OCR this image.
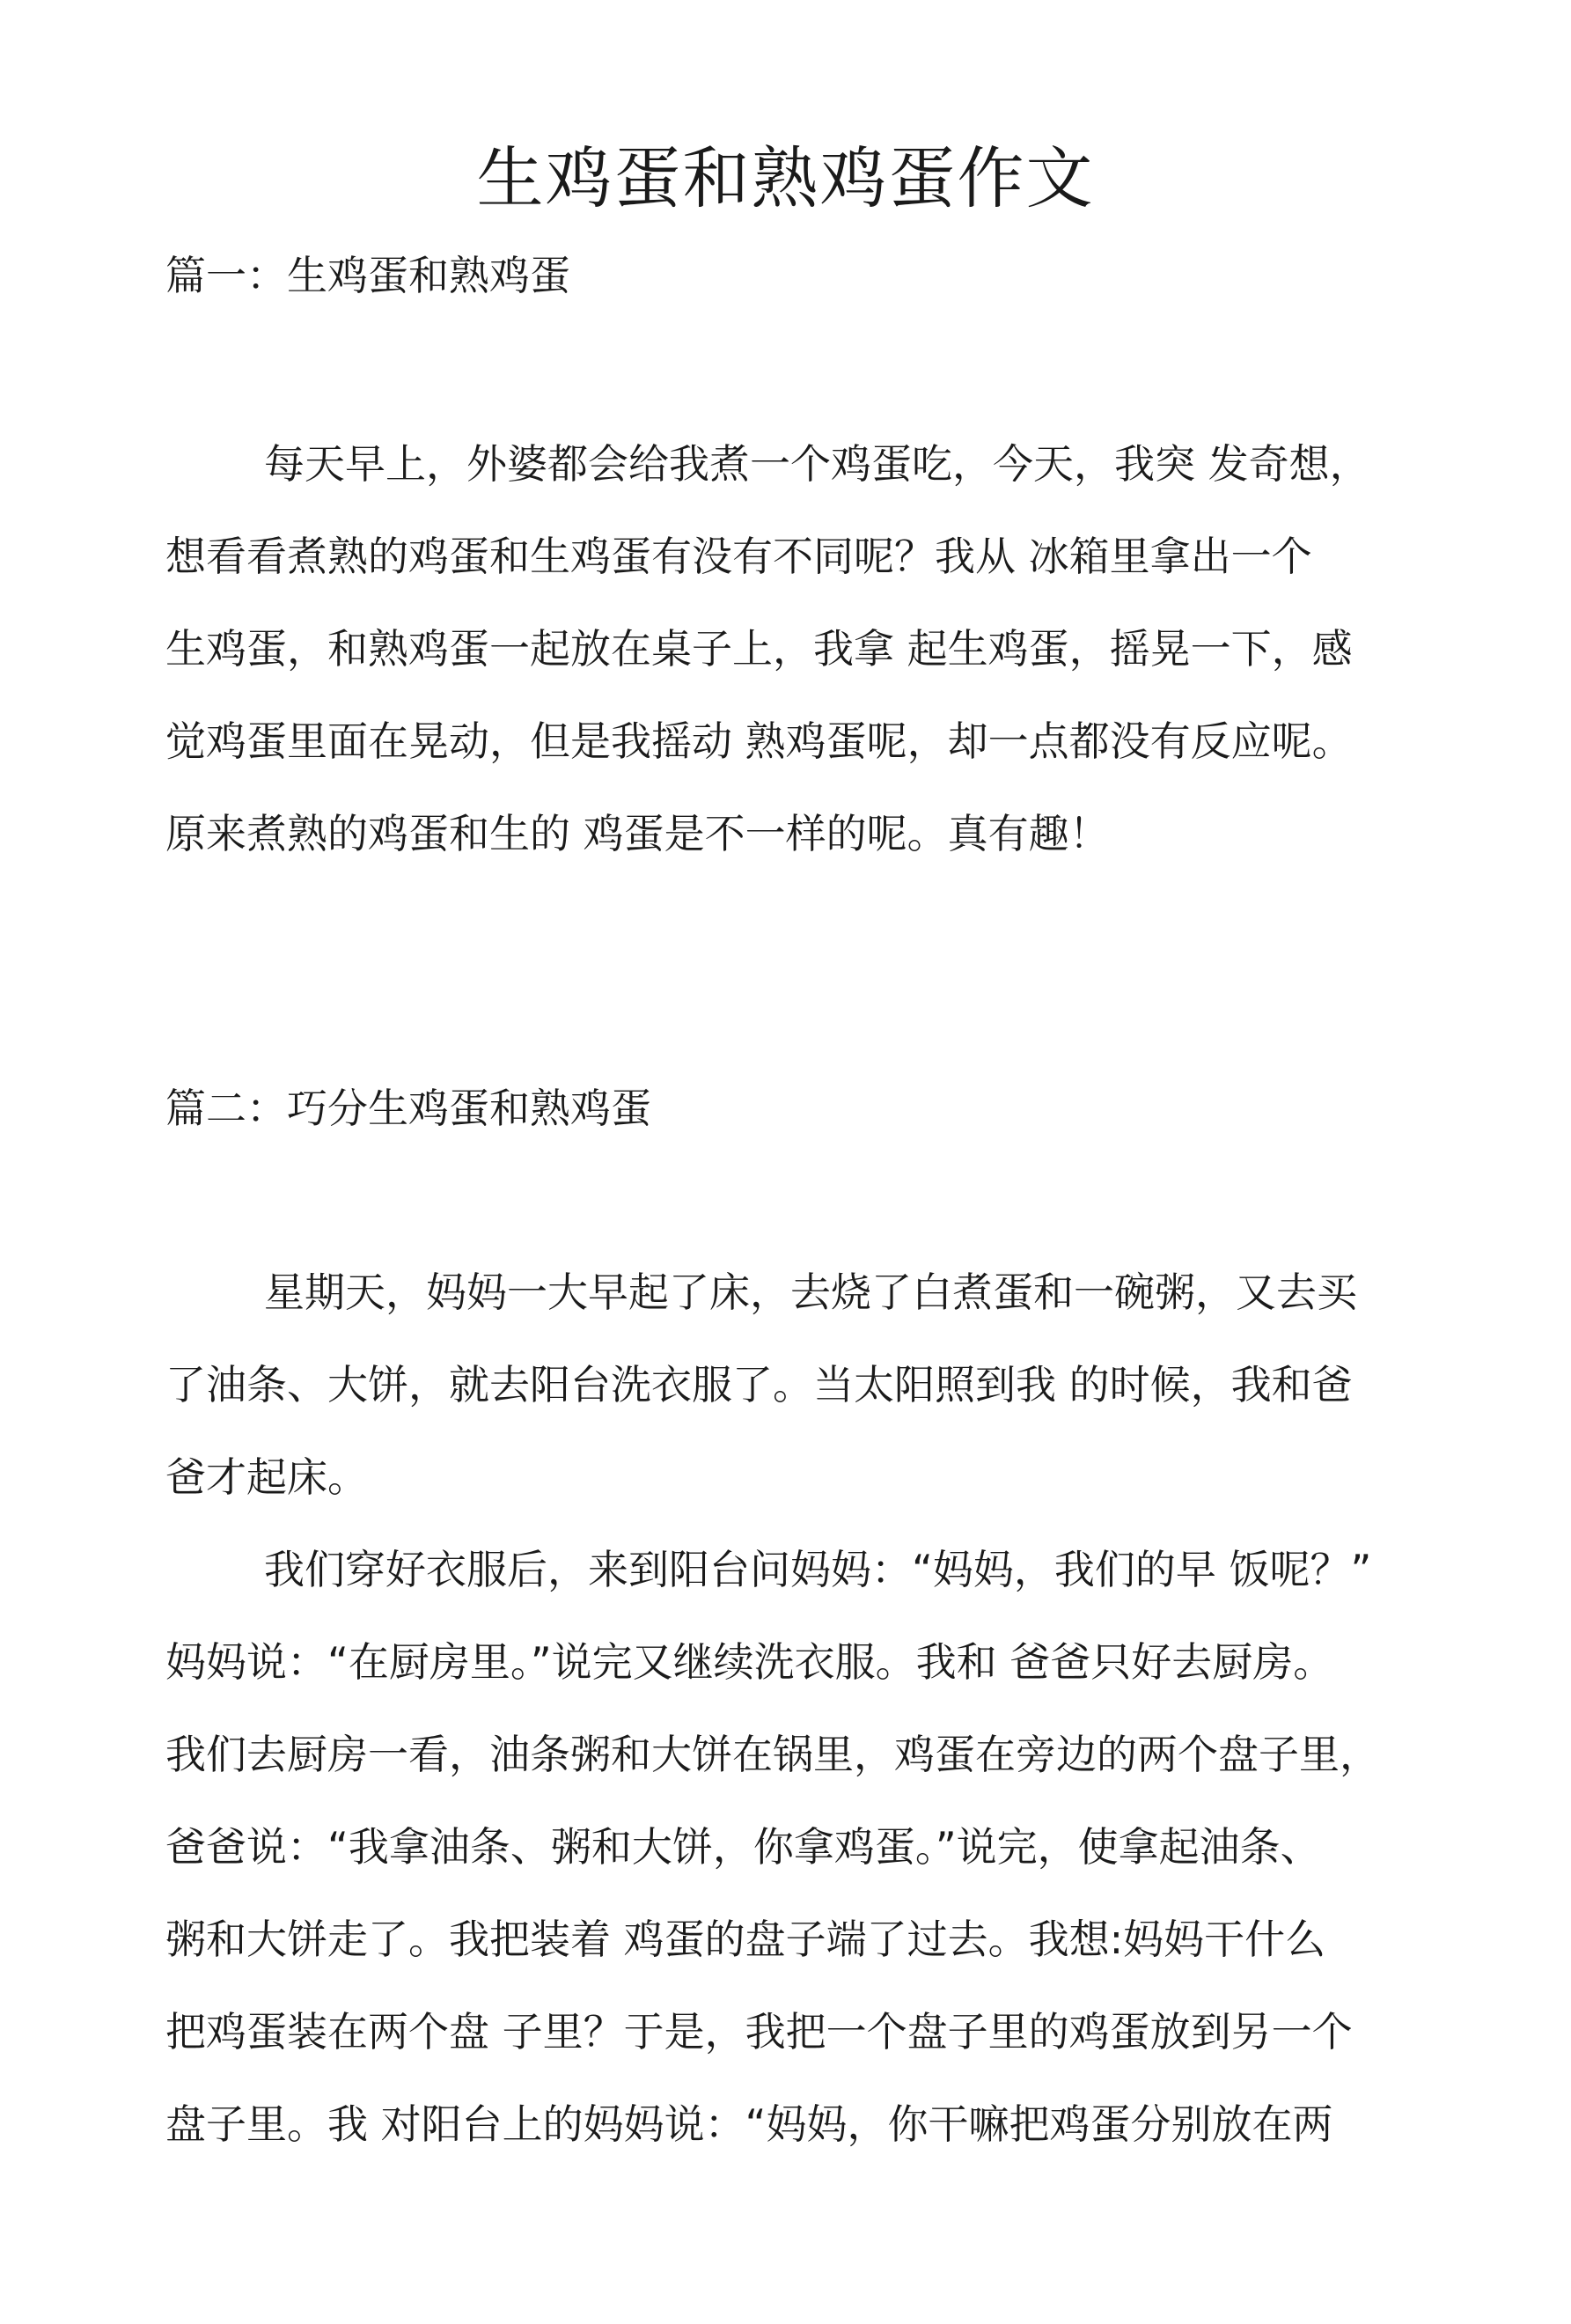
生鸡蛋和熟鸡蛋作文
篇一：生鸡蛋和熟鸡蛋

每天早上，外婆都会给我煮一个鸡蛋吃，今天，我突 发奇想，

想看看煮熟的鸡蛋和生鸡蛋有没有不同呢？我从 冰箱里拿出一个

生鸡蛋，和熟鸡蛋一起放在桌子上，我拿 起生鸡蛋，摇晃一下，感

觉鸡蛋里面在晃动，但是我摇动 熟鸡蛋呢，却一点都没有反应呢。

原来煮熟的鸡蛋和生的 鸡蛋是不一样的呢。真有趣！

篇二：巧分生鸡蛋和熟鸡蛋

星期天，妈妈一大早起了床，去烧了白煮蛋和一碗粥，又去买

了油条、大饼，就去阳台洗衣服了。当太阳照到我 的时候，我和爸

爸才起床。

我们穿好衣服后，来到阳台问妈妈：“妈妈，我们的早 饭呢？”

妈妈说：“在厨房里。”说完又继续洗衣服。我和 爸爸只好去厨房。

我们去厨房一看，油条粥和大饼在锅里，鸡蛋在旁边的两个盘子里，

爸爸说：“我拿油条、粥和大饼，你拿鸡蛋。”说完，使拿起油条、

粥和大饼走了。我把装着 鸡蛋的盘子端了过去。我想:妈妈干什么

把鸡蛋装在两个盘 子里？于是，我把一个盘子里的鸡蛋放到另一个

盘子里。我 对阳台上的妈妈说：“妈妈，你干嘛把鸡蛋分别放在两
